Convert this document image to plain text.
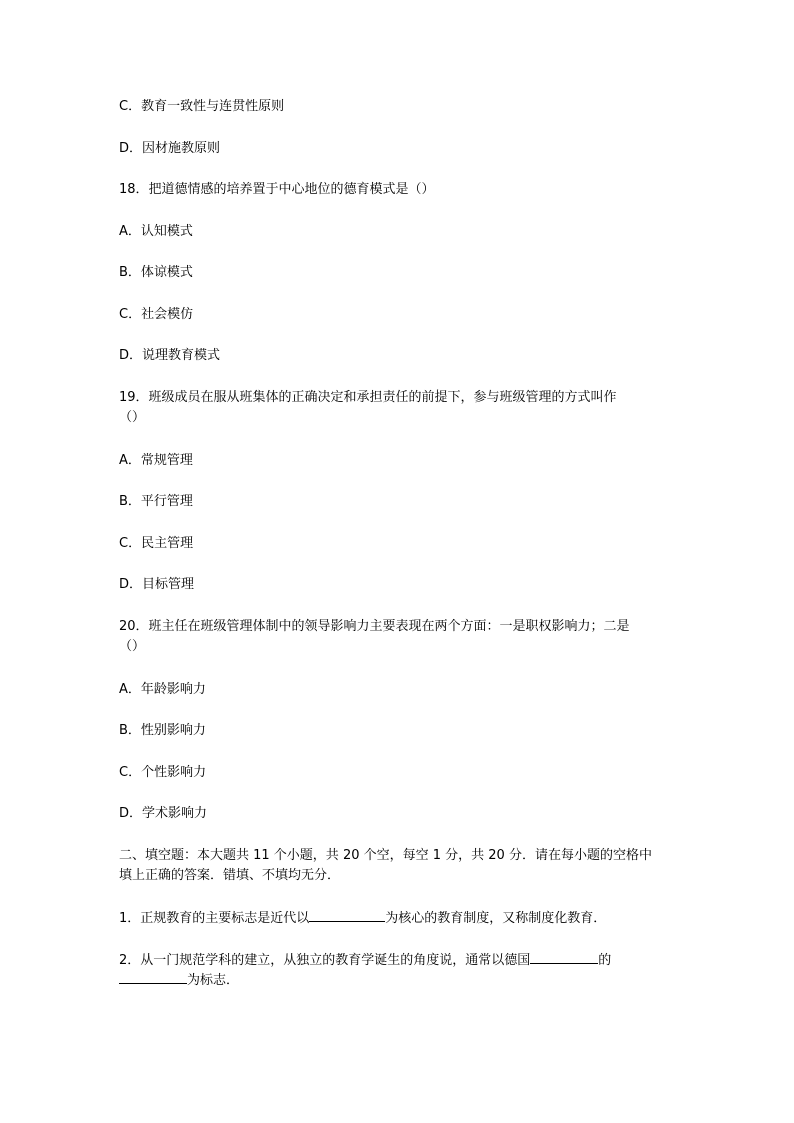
C．教育一致性与连贯性原则
D．因材施教原则
18．把道德情感的培养置于中心地位的德育模式是（）
A．认知模式
B．体谅模式
C．社会模仿
D．说理教育模式
19．班级成员在服从班集体的正确决定和承担责任的前提下，参与班级管理的方式叫作
（）
A．常规管理
B．平行管理
C．民主管理
D．目标管理
20．班主任在班级管理体制中的领导影响力主要表现在两个方面：一是职权影响力；二是
（）
A．年龄影响力
B．性别影响力
C．个性影响力
D．学术影响力
二、填空题：本大题共 11 个小题，共 20 个空，每空 1 分，共 20 分．请在每小题的空格中
填上正确的答案．错填、不填均无分．
1．正规教育的主要标志是近代以	为核心的教育制度，又称制度化教育．
2．从一门规范学科的建立，从独立的教育学诞生的角度说，通常以德国	的
为标志．
